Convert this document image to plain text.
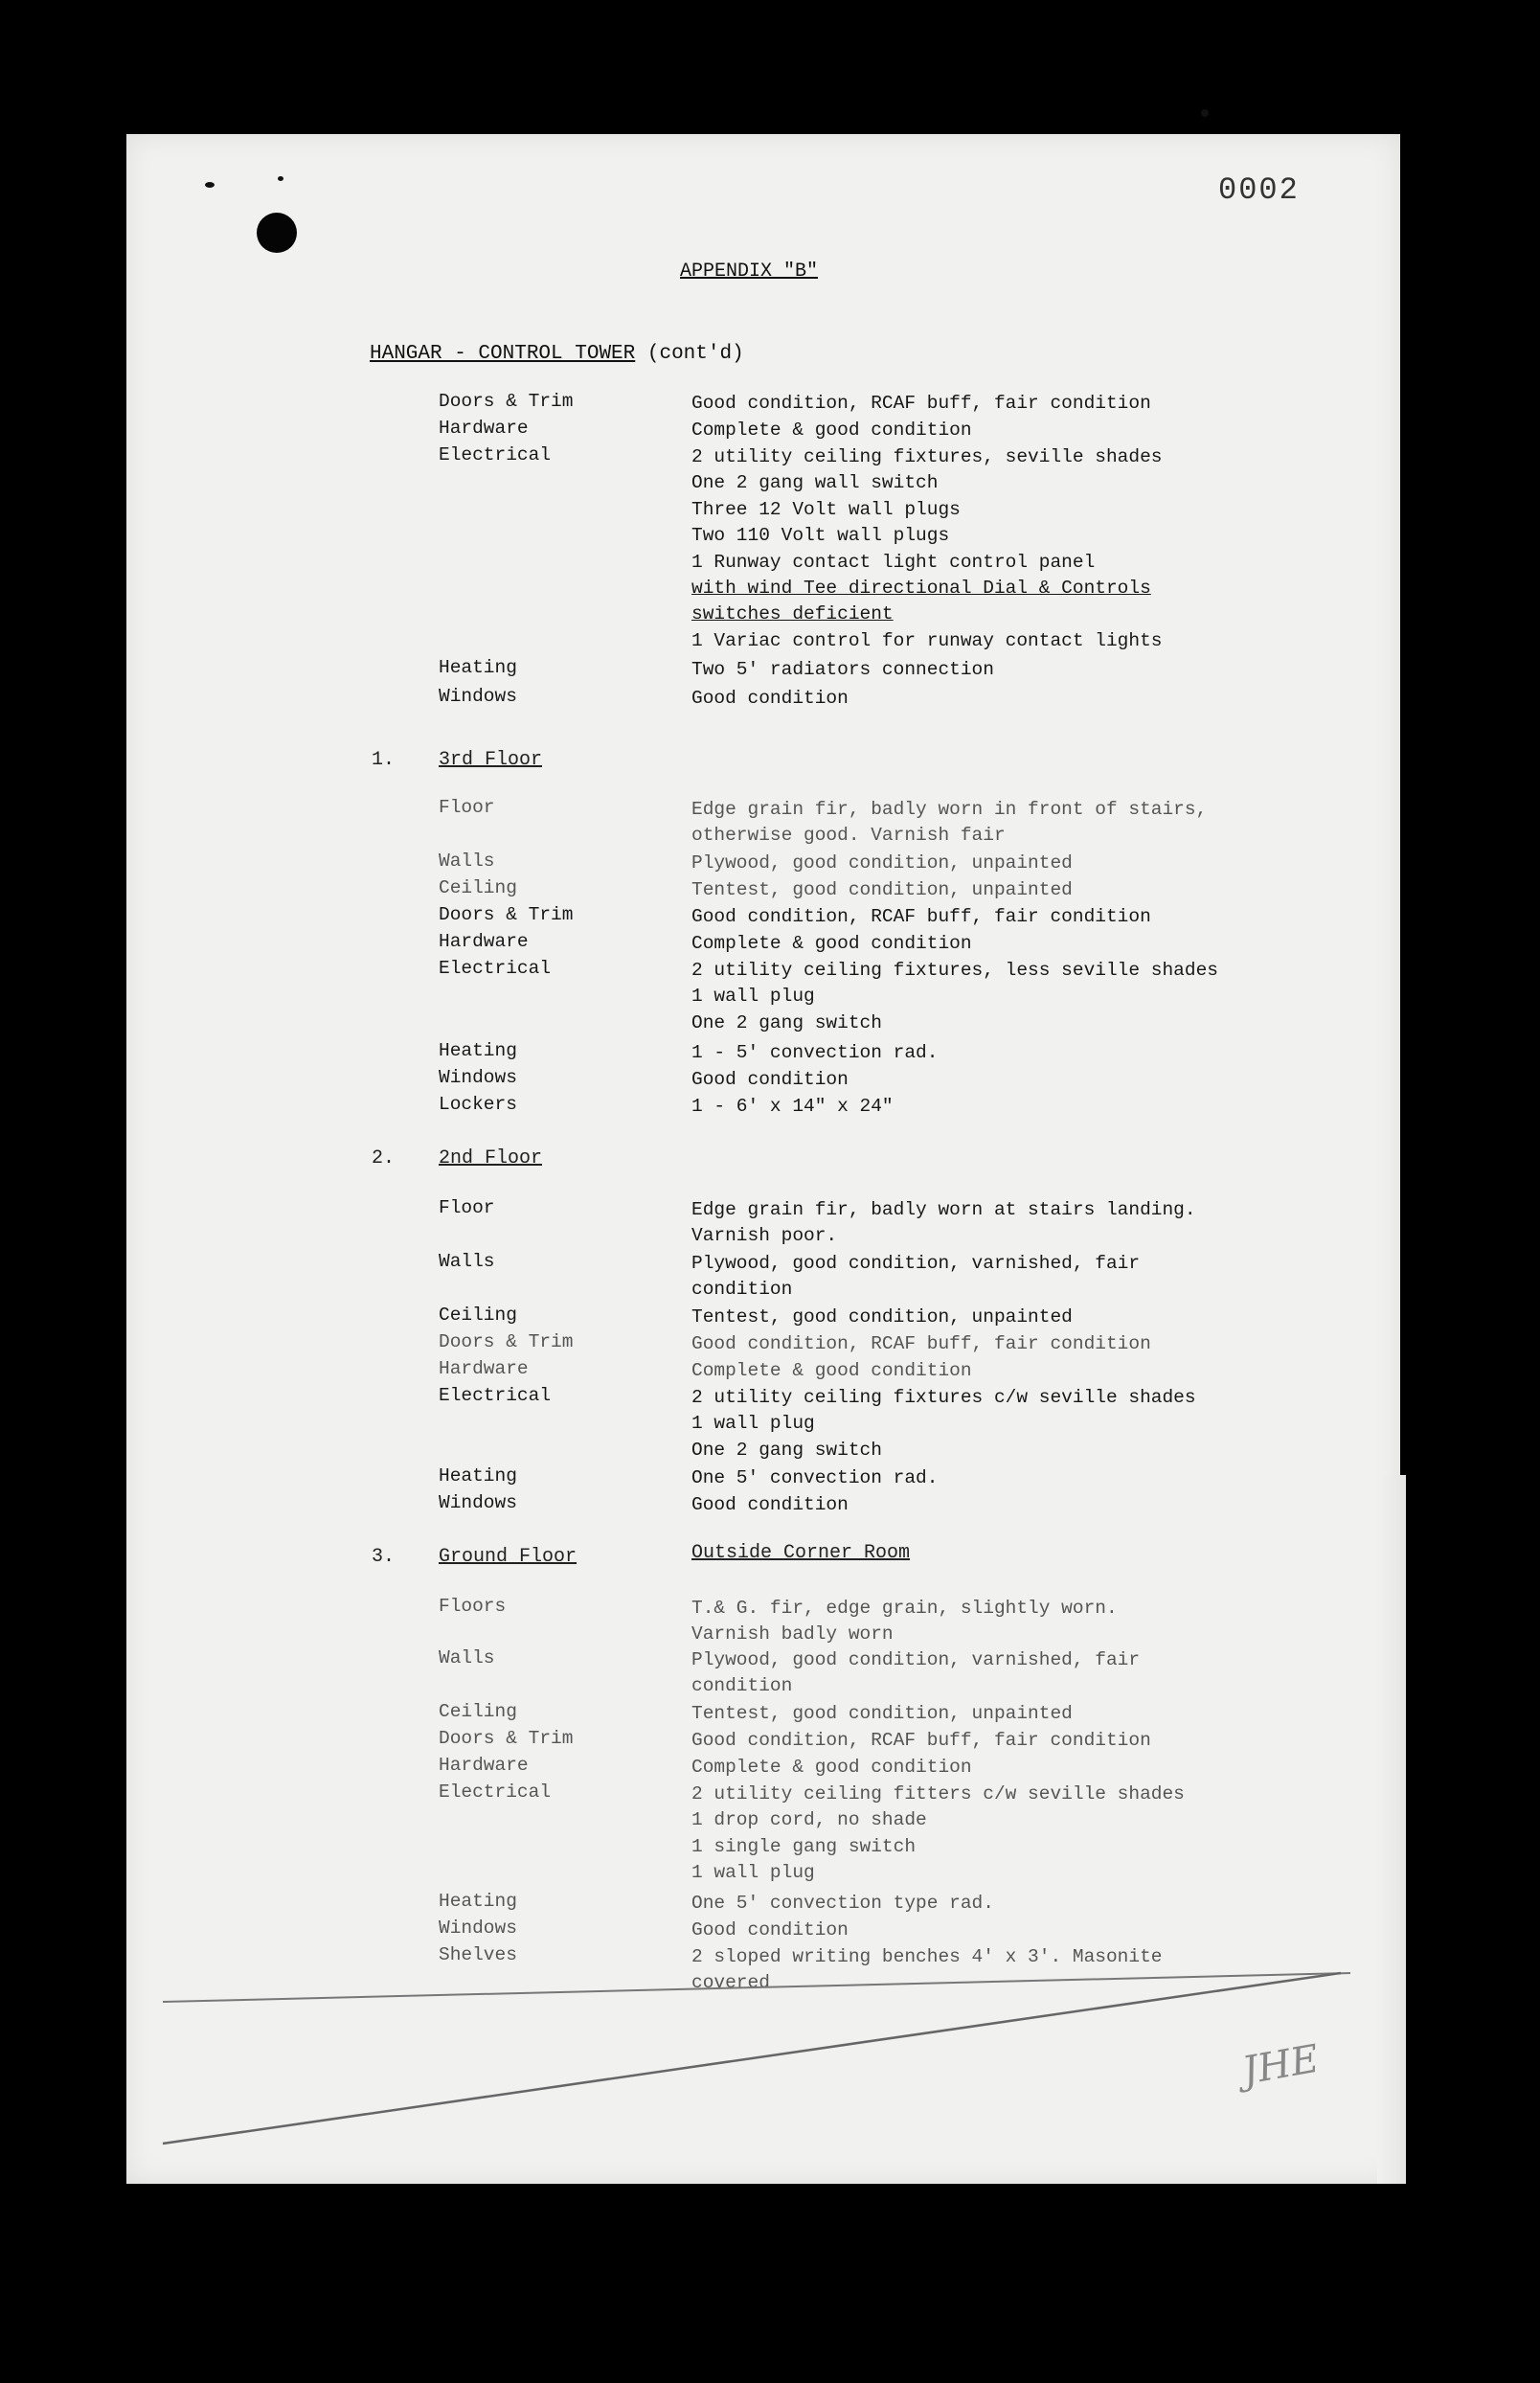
0002
APPENDIX "B"
HANGAR - CONTROL TOWER (cont'd)
Doors & Trim	Good condition, RCAF buff, fair condition
Hardware	Complete & good condition
Electrical	2 utility ceiling fixtures, seville shades
One 2 gang wall switch
Three 12 Volt wall plugs
Two 110 Volt wall plugs
1 Runway contact light control panel
with wind Tee directional Dial & Controls
switches deficient
1 Variac control for runway contact lights
Heating	Two 5' radiators connection
Windows	Good condition
1. 3rd Floor
Floor	Edge grain fir, badly worn in front of stairs,
otherwise good. Varnish fair
Walls	Plywood, good condition, unpainted
Ceiling	Tentest, good condition, unpainted
Doors & Trim	Good condition, RCAF buff, fair condition
Hardware	Complete & good condition
Electrical	2 utility ceiling fixtures, less seville shades
1 wall plug
One 2 gang switch
Heating	1 - 5' convection rad.
Windows	Good condition
Lockers	1 - 6' x 14" x 24"
2. 2nd Floor
Floor	Edge grain fir, badly worn at stairs landing.
Varnish poor.
Walls	Plywood, good condition, varnished, fair
condition
Ceiling	Tentest, good condition, unpainted
Doors & Trim	Good condition, RCAF buff, fair condition
Hardware	Complete & good condition
Electrical	2 utility ceiling fixtures c/w seville shades
1 wall plug
One 2 gang switch
Heating	One 5' convection rad.
Windows	Good condition
3. Ground Floor	Outside Corner Room
Floors	T.& G. fir, edge grain, slightly worn.
Varnish badly worn
Walls	Plywood, good condition, varnished, fair
condition
Ceiling	Tentest, good condition, unpainted
Doors & Trim	Good condition, RCAF buff, fair condition
Hardware	Complete & good condition
Electrical	2 utility ceiling fitters c/w seville shades
1 drop cord, no shade
1 single gang switch
1 wall plug
Heating	One 5' convection type rad.
Windows	Good condition
Shelves	2 sloped writing benches 4' x 3'. Masonite
covered
JHE
